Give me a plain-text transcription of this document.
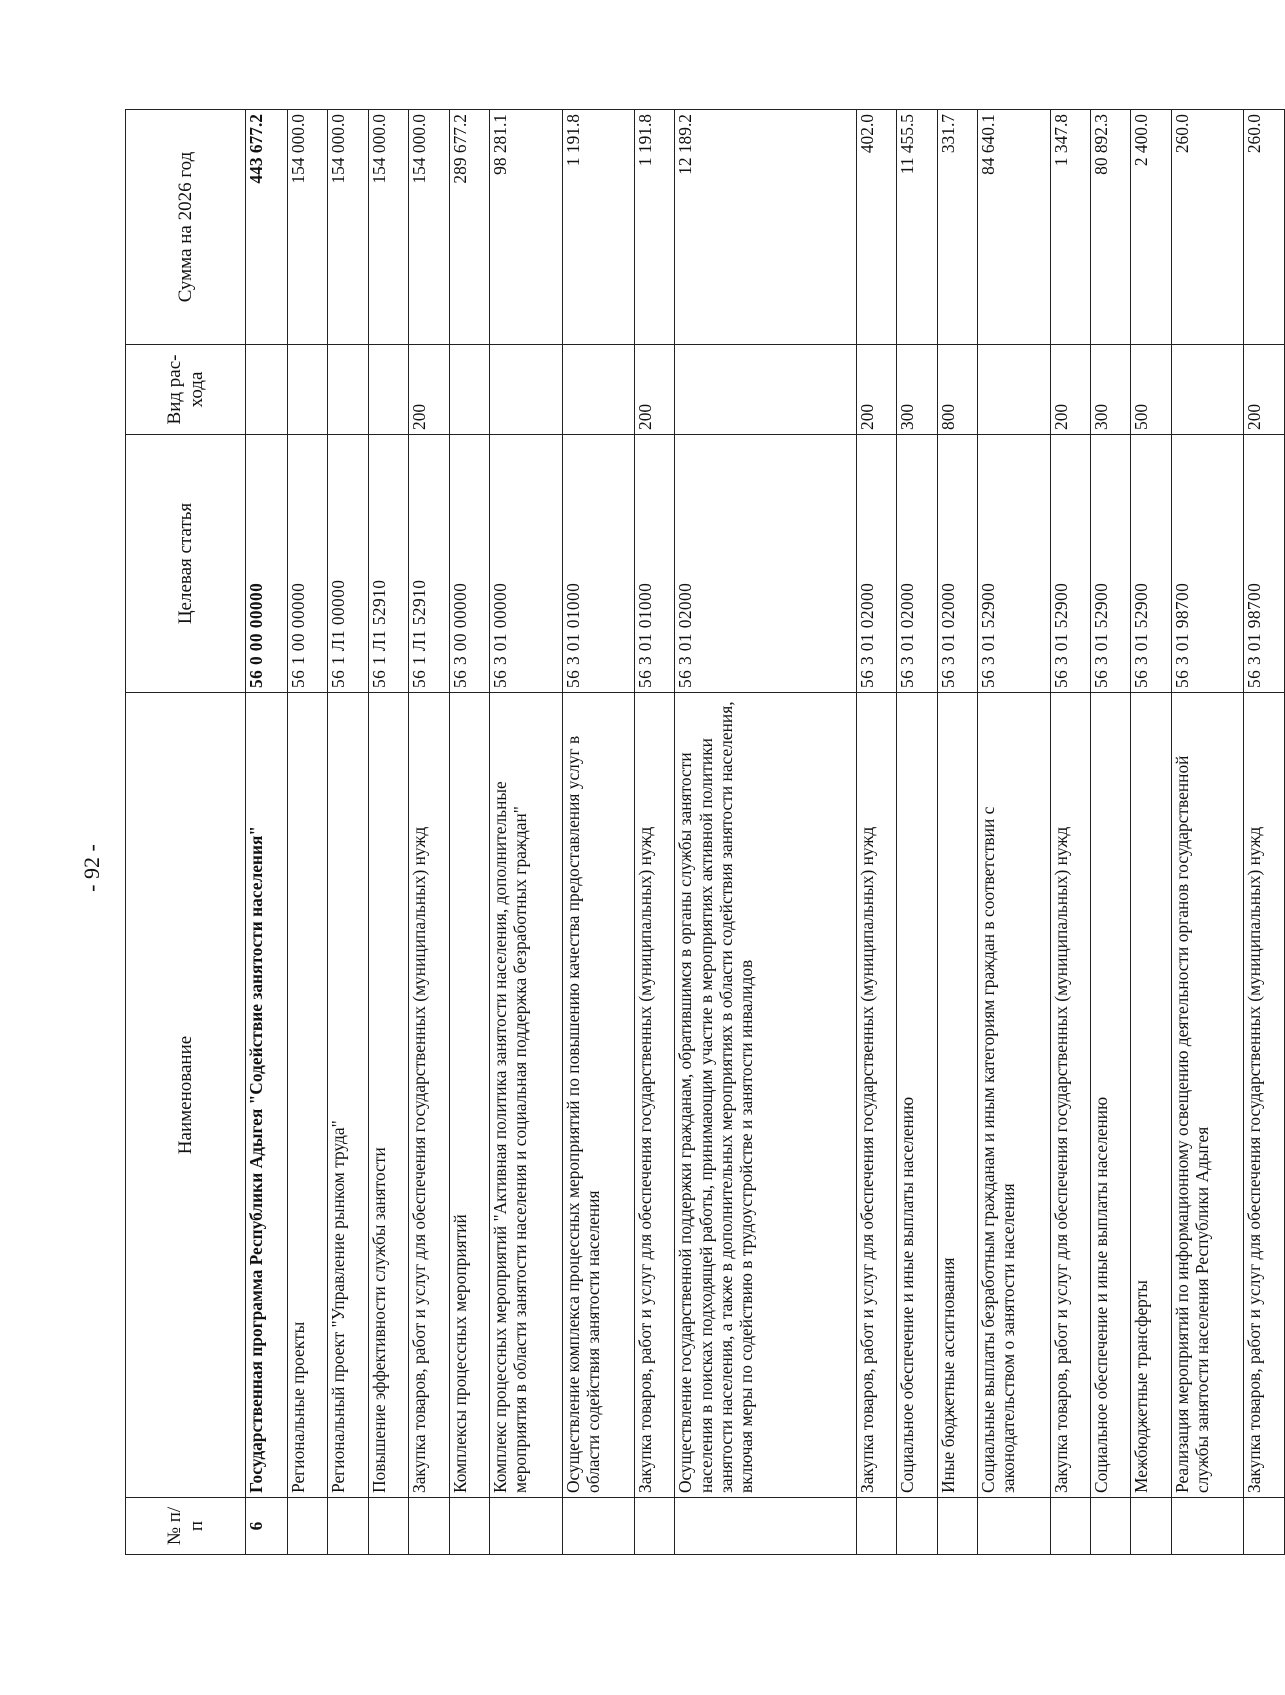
- 92 -
№ п/п	Наименование	Целевая статья	Вид рас-хода	Сумма на 2026 год
6	Государственная программа Республики Адыгея "Содействие занятости населения"	56 0 00 00000		443 677.2
	Региональные проекты	56 1 00 00000		154 000.0
	Региональный проект "Управление рынком труда"	56 1 Л1 00000		154 000.0
	Повышение эффективности службы занятости	56 1 Л1 52910		154 000.0
	Закупка товаров, работ и услуг для обеспечения государственных (муниципальных) нужд	56 1 Л1 52910	200	154 000.0
	Комплексы процессных мероприятий	56 3 00 00000		289 677.2
	Комплекс процессных мероприятий "Активная политика занятости населения, дополнительные мероприятия в области занятости населения и социальная поддержка безработных граждан"	56 3 01 00000		98 281.1
	Осуществление комплекса процессных мероприятий по повышению качества предоставления услуг в области содействия занятости населения	56 3 01 01000		1 191.8
	Закупка товаров, работ и услуг для обеспечения государственных (муниципальных) нужд	56 3 01 01000	200	1 191.8
	Осуществление государственной поддержки гражданам, обратившимся в органы службы занятости населения в поисках подходящей работы, принимающим участие в мероприятиях активной политики занятости населения, а также в дополнительных мероприятиях в области содействия занятости населения, включая меры по содействию в трудоустройстве и занятости инвалидов	56 3 01 02000		12 189.2
	Закупка товаров, работ и услуг для обеспечения государственных (муниципальных) нужд	56 3 01 02000	200	402.0
	Социальное обеспечение и иные выплаты населению	56 3 01 02000	300	11 455.5
	Иные бюджетные ассигнования	56 3 01 02000	800	331.7
	Социальные выплаты безработным гражданам и иным категориям граждан в соответствии с законодательством о занятости населения	56 3 01 52900		84 640.1
	Закупка товаров, работ и услуг для обеспечения государственных (муниципальных) нужд	56 3 01 52900	200	1 347.8
	Социальное обеспечение и иные выплаты населению	56 3 01 52900	300	80 892.3
	Межбюджетные трансферты	56 3 01 52900	500	2 400.0
	Реализация мероприятий по информационному освещению деятельности органов государственной службы занятости населения Республики Адыгея	56 3 01 98700		260.0
	Закупка товаров, работ и услуг для обеспечения государственных (муниципальных) нужд	56 3 01 98700	200	260.0
